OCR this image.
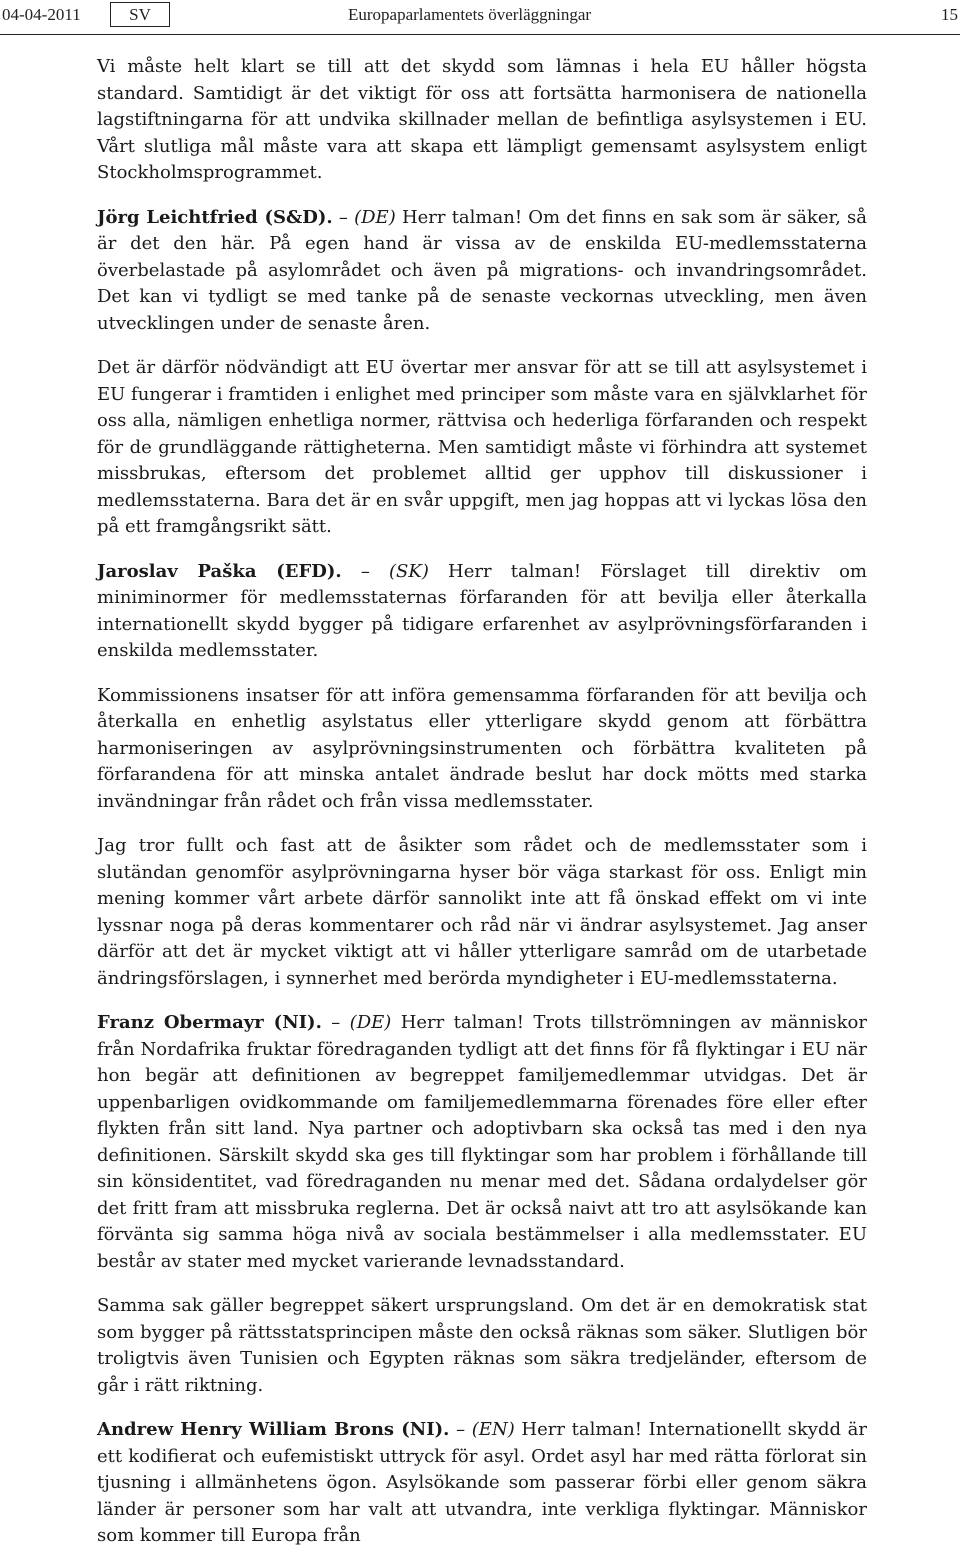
04-04-2011	SV	Europaparlamentets överläggningar	15

Vi måste helt klart se till att det skydd som lämnas i hela EU håller högsta standard. Samtidigt är det viktigt för oss att fortsätta harmonisera de nationella lagstiftningarna för att undvika skillnader mellan de befintliga asylsystemen i EU. Vårt slutliga mål måste vara att skapa ett lämpligt gemensamt asylsystem enligt Stockholmsprogrammet.

Jörg Leichtfried (S&D). – (DE) Herr talman! Om det finns en sak som är säker, så är det den här. På egen hand är vissa av de enskilda EU-medlemsstaterna överbelastade på asylområdet och även på migrations- och invandringsområdet. Det kan vi tydligt se med tanke på de senaste veckornas utveckling, men även utvecklingen under de senaste åren.

Det är därför nödvändigt att EU övertar mer ansvar för att se till att asylsystemet i EU fungerar i framtiden i enlighet med principer som måste vara en självklarhet för oss alla, nämligen enhetliga normer, rättvisa och hederliga förfaranden och respekt för de grundläggande rättigheterna. Men samtidigt måste vi förhindra att systemet missbrukas, eftersom det problemet alltid ger upphov till diskussioner i medlemsstaterna. Bara det är en svår uppgift, men jag hoppas att vi lyckas lösa den på ett framgångsrikt sätt.

Jaroslav Paška (EFD). – (SK) Herr talman! Förslaget till direktiv om miniminormer för medlemsstaternas förfaranden för att bevilja eller återkalla internationellt skydd bygger på tidigare erfarenhet av asylprövningsförfaranden i enskilda medlemsstater.

Kommissionens insatser för att införa gemensamma förfaranden för att bevilja och återkalla en enhetlig asylstatus eller ytterligare skydd genom att förbättra harmoniseringen av asylprövningsinstrumenten och förbättra kvaliteten på förfarandena för att minska antalet ändrade beslut har dock mötts med starka invändningar från rådet och från vissa medlemsstater.

Jag tror fullt och fast att de åsikter som rådet och de medlemsstater som i slutändan genomför asylprövningarna hyser bör väga starkast för oss. Enligt min mening kommer vårt arbete därför sannolikt inte att få önskad effekt om vi inte lyssnar noga på deras kommentarer och råd när vi ändrar asylsystemet. Jag anser därför att det är mycket viktigt att vi håller ytterligare samråd om de utarbetade ändringsförslagen, i synnerhet med berörda myndigheter i EU-medlemsstaterna.

Franz Obermayr (NI). – (DE) Herr talman! Trots tillströmningen av människor från Nordafrika fruktar föredraganden tydligt att det finns för få flyktingar i EU när hon begär att definitionen av begreppet familjemedlemmar utvidgas. Det är uppenbarligen ovidkommande om familjemedlemmarna förenades före eller efter flykten från sitt land. Nya partner och adoptivbarn ska också tas med i den nya definitionen. Särskilt skydd ska ges till flyktingar som har problem i förhållande till sin könsidentitet, vad föredraganden nu menar med det. Sådana ordalydelser gör det fritt fram att missbruka reglerna. Det är också naivt att tro att asylsökande kan förvänta sig samma höga nivå av sociala bestämmelser i alla medlemsstater. EU består av stater med mycket varierande levnadsstandard.

Samma sak gäller begreppet säkert ursprungsland. Om det är en demokratisk stat som bygger på rättsstatsprincipen måste den också räknas som säker. Slutligen bör troligtvis även Tunisien och Egypten räknas som säkra tredjeländer, eftersom de går i rätt riktning.

Andrew Henry William Brons (NI). – (EN) Herr talman! Internationellt skydd är ett kodifierat och eufemistiskt uttryck för asyl. Ordet asyl har med rätta förlorat sin tjusning i allmänhetens ögon. Asylsökande som passerar förbi eller genom säkra länder är personer som har valt att utvandra, inte verkliga flyktingar. Människor som kommer till Europa från
